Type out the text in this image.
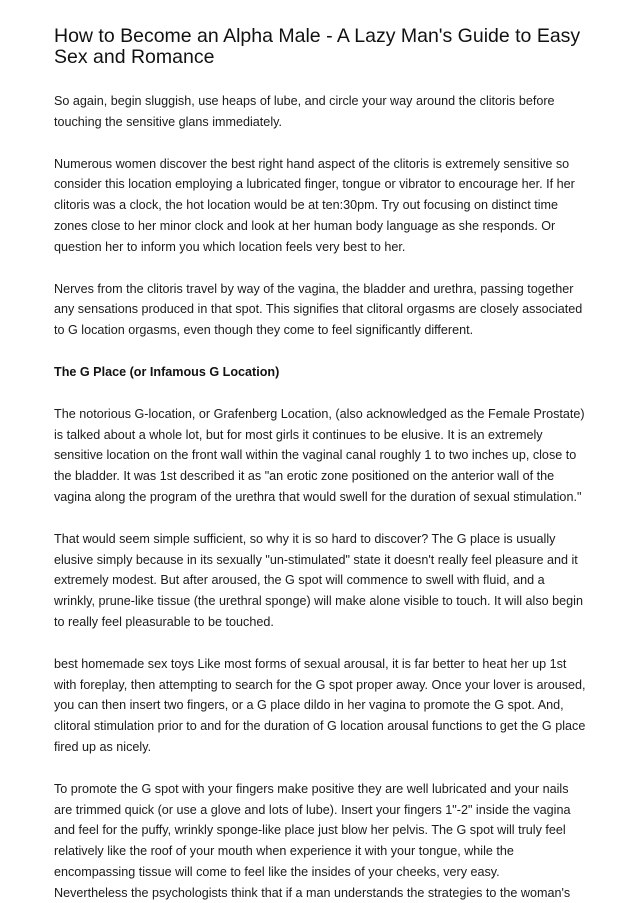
How to Become an Alpha Male - A Lazy Man's Guide to Easy Sex and Romance

So again, begin sluggish, use heaps of lube, and circle your way around the clitoris before touching the sensitive glans immediately.

Numerous women discover the best right hand aspect of the clitoris is extremely sensitive so consider this location employing a lubricated finger, tongue or vibrator to encourage her. If her clitoris was a clock, the hot location would be at ten:30pm. Try out focusing on distinct time zones close to her minor clock and look at her human body language as she responds. Or question her to inform you which location feels very best to her.

Nerves from the clitoris travel by way of the vagina, the bladder and urethra, passing together any sensations produced in that spot. This signifies that clitoral orgasms are closely associated to G location orgasms, even though they come to feel significantly different.

The G Place (or Infamous G Location)

The notorious G-location, or Grafenberg Location, (also acknowledged as the Female Prostate) is talked about a whole lot, but for most girls it continues to be elusive. It is an extremely sensitive location on the front wall within the vaginal canal roughly 1 to two inches up, close to the bladder. It was 1st described it as "an erotic zone positioned on the anterior wall of the vagina along the program of the urethra that would swell for the duration of sexual stimulation."

That would seem simple sufficient, so why it is so hard to discover? The G place is usually elusive simply because in its sexually "un-stimulated" state it doesn't really feel pleasure and it extremely modest. But after aroused, the G spot will commence to swell with fluid, and a wrinkly, prune-like tissue (the urethral sponge) will make alone visible to touch. It will also begin to really feel pleasurable to be touched.

best homemade sex toys Like most forms of sexual arousal, it is far better to heat her up 1st with foreplay, then attempting to search for the G spot proper away. Once your lover is aroused, you can then insert two fingers, or a G place dildo in her vagina to promote the G spot. And, clitoral stimulation prior to and for the duration of G location arousal functions to get the G place fired up as nicely.

To promote the G spot with your fingers make positive they are well lubricated and your nails are trimmed quick (or use a glove and lots of lube). Insert your fingers 1"-2" inside the vagina and feel for the puffy, wrinkly sponge-like place just blow her pelvis. The G spot will truly feel relatively like the roof of your mouth when experience it with your tongue, while the encompassing tissue will come to feel like the insides of your cheeks, very easy.

Nevertheless the psychologists think that if a man understands the strategies to the woman's
